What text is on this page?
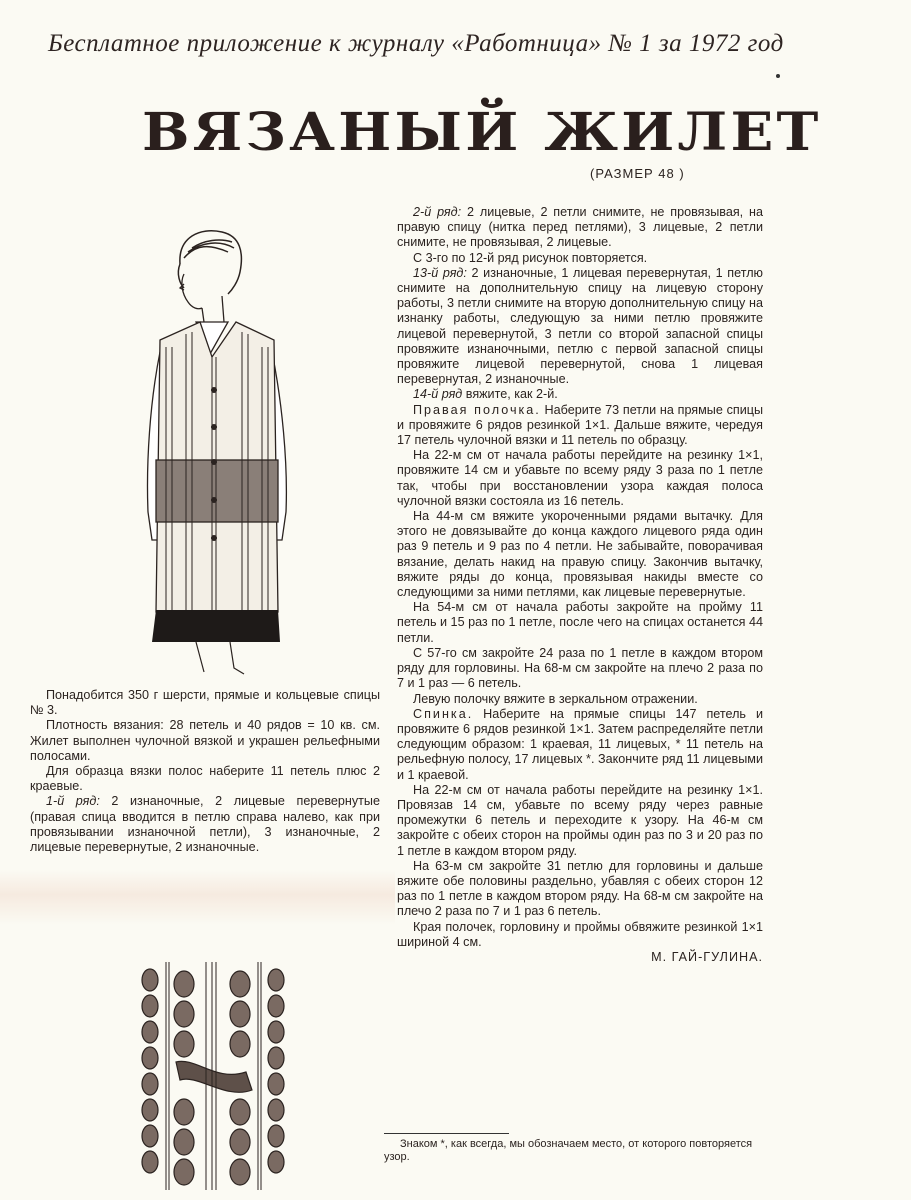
Бесплатное приложение к журналу «Работница» № 1 за 1972 год
ВЯЗАНЫЙ ЖИЛЕТ
(РАЗМЕР 48 )

Понадобится 350 г шерсти, прямые и кольцевые спицы № 3.

Плотность вязания: 28 петель и 40 рядов = 10 кв. см. Жилет выполнен чулочной вязкой и украшен рельефными полосами.

Для образца вязки полос наберите 11 петель плюс 2 краевые.

1-й ряд: 2 изнаночные, 2 лицевые перевернутые (правая спица вводится в петлю справа налево, как при провязывании изнаночной петли), 3 изнаночные, 2 лицевые перевернутые, 2 изнаночные.

2-й ряд: 2 лицевые, 2 петли снимите, не провязывая, на правую спицу (нитка перед петлями), 3 лицевые, 2 петли снимите, не провязывая, 2 лицевые.

С 3-го по 12-й ряд рисунок повторяется.

13-й ряд: 2 изнаночные, 1 лицевая перевернутая, 1 петлю снимите на дополнительную спицу на лицевую сторону работы, 3 петли снимите на вторую дополнительную спицу на изнанку работы, следующую за ними петлю провяжите лицевой перевернутой, 3 петли со второй запасной спицы провяжите изнаночными, петлю с первой запасной спицы провяжите лицевой перевернутой, снова 1 лицевая перевернутая, 2 изнаночные.

14-й ряд вяжите, как 2-й.

Правая полочка. Наберите 73 петли на прямые спицы и провяжите 6 рядов резинкой 1×1. Дальше вяжите, чередуя 17 петель чулочной вязки и 11 петель по образцу.

На 22-м см от начала работы перейдите на резинку 1×1, провяжите 14 см и убавьте по всему ряду 3 раза по 1 петле так, чтобы при восстановлении узора каждая полоса чулочной вязки состояла из 16 петель.

На 44-м см вяжите укороченными рядами вытачку. Для этого не довязывайте до конца каждого лицевого ряда один раз 9 петель и 9 раз по 4 петли. Не забывайте, поворачивая вязание, делать накид на правую спицу. Закончив вытачку, вяжите ряды до конца, провязывая накиды вместе со следующими за ними петлями, как лицевые перевернутые.

На 54-м см от начала работы закройте на пройму 11 петель и 15 раз по 1 петле, после чего на спицах останется 44 петли.

С 57-го см закройте 24 раза по 1 петле в каждом втором ряду для горловины. На 68-м см закройте на плечо 2 раза по 7 и 1 раз — 6 петель.

Левую полочку вяжите в зеркальном отражении.

Спинка. Наберите на прямые спицы 147 петель и провяжите 6 рядов резинкой 1×1. Затем распределяйте петли следующим образом: 1 краевая, 11 лицевых, * 11 петель на рельефную полосу, 17 лицевых *. Закончите ряд 11 лицевыми и 1 краевой.

На 22-м см от начала работы перейдите на резинку 1×1. Провязав 14 см, убавьте по всему ряду через равные промежутки 6 петель и переходите к узору. На 46-м см закройте с обеих сторон на проймы один раз по 3 и 20 раз по 1 петле в каждом втором ряду.

На 63-м см закройте 31 петлю для горловины и дальше вяжите обе половины раздельно, убавляя с обеих сторон 12 раз по 1 петле в каждом втором ряду. На 68-м см закройте на плечо 2 раза по 7 и 1 раз 6 петель.

Края полочек, горловину и проймы обвяжите резинкой 1×1 шириной 4 см.

М. ГАЙ-ГУЛИНА.

Знаком *, как всегда, мы обозначаем место, от которого повторяется узор.
